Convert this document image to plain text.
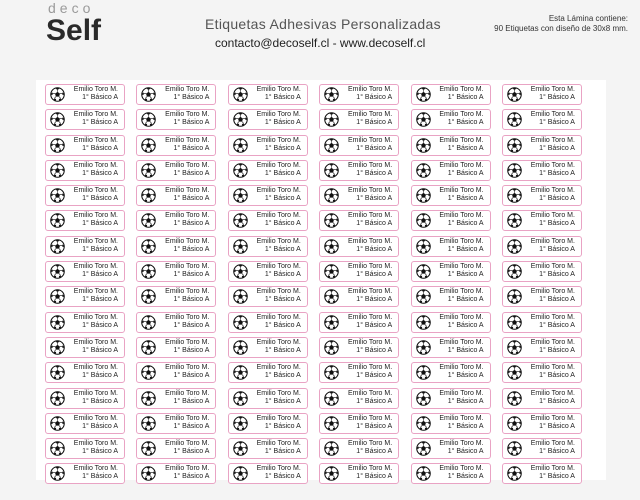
deco
Self	Etiquetas Adhesivas Personalizadas
contacto@decoself.cl - www.decoself.cl
Esta Lámina contiene:
90 Etiquetas con diseño de 30x8 mm.
Emilio Toro M.
1° Básico A
Emilio Toro M.
1° Básico A
Emilio Toro M.
1° Básico A
Emilio Toro M.
1° Básico A
Emilio Toro M.
1° Básico A
Emilio Toro M.
1° Básico A
Emilio Toro M.
1° Básico A
Emilio Toro M.
1° Básico A
Emilio Toro M.
1° Básico A
Emilio Toro M.
1° Básico A
Emilio Toro M.
1° Básico A
Emilio Toro M.
1° Básico A
Emilio Toro M.
1° Básico A
Emilio Toro M.
1° Básico A
Emilio Toro M.
1° Básico A
Emilio Toro M.
1° Básico A
Emilio Toro M.
1° Básico A
Emilio Toro M.
1° Básico A
Emilio Toro M.
1° Básico A
Emilio Toro M.
1° Básico A
Emilio Toro M.
1° Básico A
Emilio Toro M.
1° Básico A
Emilio Toro M.
1° Básico A
Emilio Toro M.
1° Básico A
Emilio Toro M.
1° Básico A
Emilio Toro M.
1° Básico A
Emilio Toro M.
1° Básico A
Emilio Toro M.
1° Básico A
Emilio Toro M.
1° Básico A
Emilio Toro M.
1° Básico A
Emilio Toro M.
1° Básico A
Emilio Toro M.
1° Básico A
Emilio Toro M.
1° Básico A
Emilio Toro M.
1° Básico A
Emilio Toro M.
1° Básico A
Emilio Toro M.
1° Básico A
Emilio Toro M.
1° Básico A
Emilio Toro M.
1° Básico A
Emilio Toro M.
1° Básico A
Emilio Toro M.
1° Básico A
Emilio Toro M.
1° Básico A
Emilio Toro M.
1° Básico A
Emilio Toro M.
1° Básico A
Emilio Toro M.
1° Básico A
Emilio Toro M.
1° Básico A
Emilio Toro M.
1° Básico A
Emilio Toro M.
1° Básico A
Emilio Toro M.
1° Básico A
Emilio Toro M.
1° Básico A
Emilio Toro M.
1° Básico A
Emilio Toro M.
1° Básico A
Emilio Toro M.
1° Básico A
Emilio Toro M.
1° Básico A
Emilio Toro M.
1° Básico A
Emilio Toro M.
1° Básico A
Emilio Toro M.
1° Básico A
Emilio Toro M.
1° Básico A
Emilio Toro M.
1° Básico A
Emilio Toro M.
1° Básico A
Emilio Toro M.
1° Básico A
Emilio Toro M.
1° Básico A
Emilio Toro M.
1° Básico A
Emilio Toro M.
1° Básico A
Emilio Toro M.
1° Básico A
Emilio Toro M.
1° Básico A
Emilio Toro M.
1° Básico A
Emilio Toro M.
1° Básico A
Emilio Toro M.
1° Básico A
Emilio Toro M.
1° Básico A
Emilio Toro M.
1° Básico A
Emilio Toro M.
1° Básico A
Emilio Toro M.
1° Básico A
Emilio Toro M.
1° Básico A
Emilio Toro M.
1° Básico A
Emilio Toro M.
1° Básico A
Emilio Toro M.
1° Básico A
Emilio Toro M.
1° Básico A
Emilio Toro M.
1° Básico A
Emilio Toro M.
1° Básico A
Emilio Toro M.
1° Básico A
Emilio Toro M.
1° Básico A
Emilio Toro M.
1° Básico A
Emilio Toro M.
1° Básico A
Emilio Toro M.
1° Básico A
Emilio Toro M.
1° Básico A
Emilio Toro M.
1° Básico A
Emilio Toro M.
1° Básico A
Emilio Toro M.
1° Básico A
Emilio Toro M.
1° Básico A
Emilio Toro M.
1° Básico A
Emilio Toro M.
1° Básico A
Emilio Toro M.
1° Básico A
Emilio Toro M.
1° Básico A
Emilio Toro M.
1° Básico A
Emilio Toro M.
1° Básico A
Emilio Toro M.
1° Básico A
